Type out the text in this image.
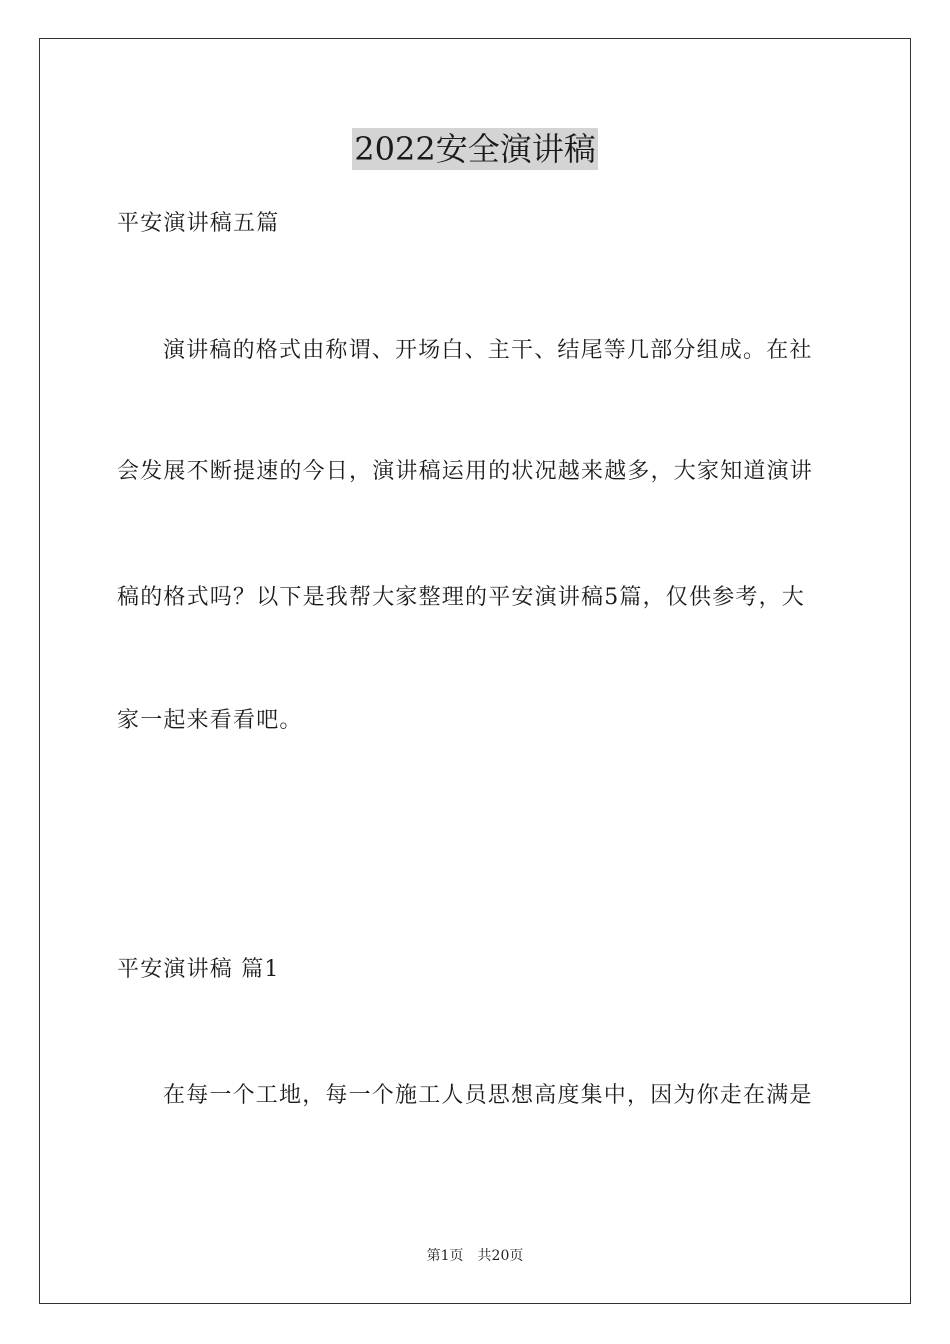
2022安全演讲稿
平安演讲稿五篇
演讲稿的格式由称谓、开场白、主干、结尾等几部分组成。在社
会发展不断提速的今日，演讲稿运用的状况越来越多，大家知道演讲
稿的格式吗？以下是我帮大家整理的平安演讲稿5篇，仅供参考，大
家一起来看看吧。
平安演讲稿 篇1
在每一个工地，每一个施工人员思想高度集中，因为你走在满是
第1页 共20页
